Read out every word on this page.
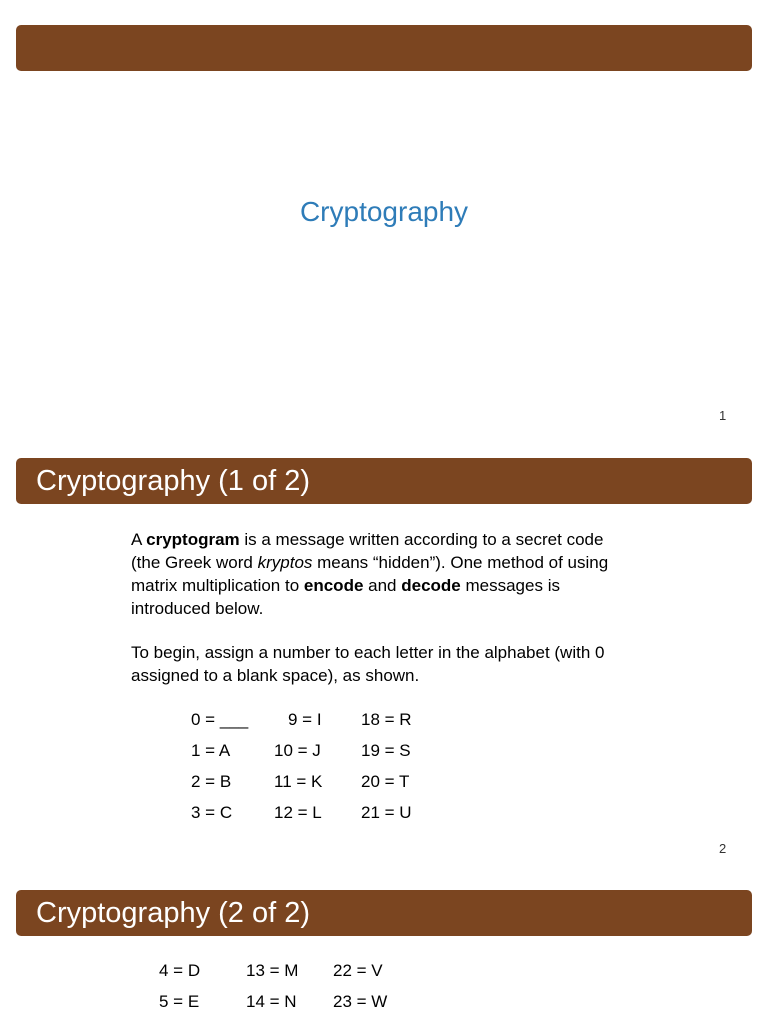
Cryptography
1
Cryptography (1 of 2)

A cryptogram is a message written according to a secret code (the Greek word kryptos means “hidden”). One method of using matrix multiplication to encode and decode messages is introduced below.

To begin, assign a number to each letter in the alphabet (with 0 assigned to a blank space), as shown.

0 = ___ 9 = I 18 = R
1 = A	10 = J 19 = S
2 = B	11 = K 20 = T
3 = C 12 = L 21 = U
2
Cryptography (2 of 2)
4 = D	13 = M 22 = V
5 = E	14 = N 23 = W
